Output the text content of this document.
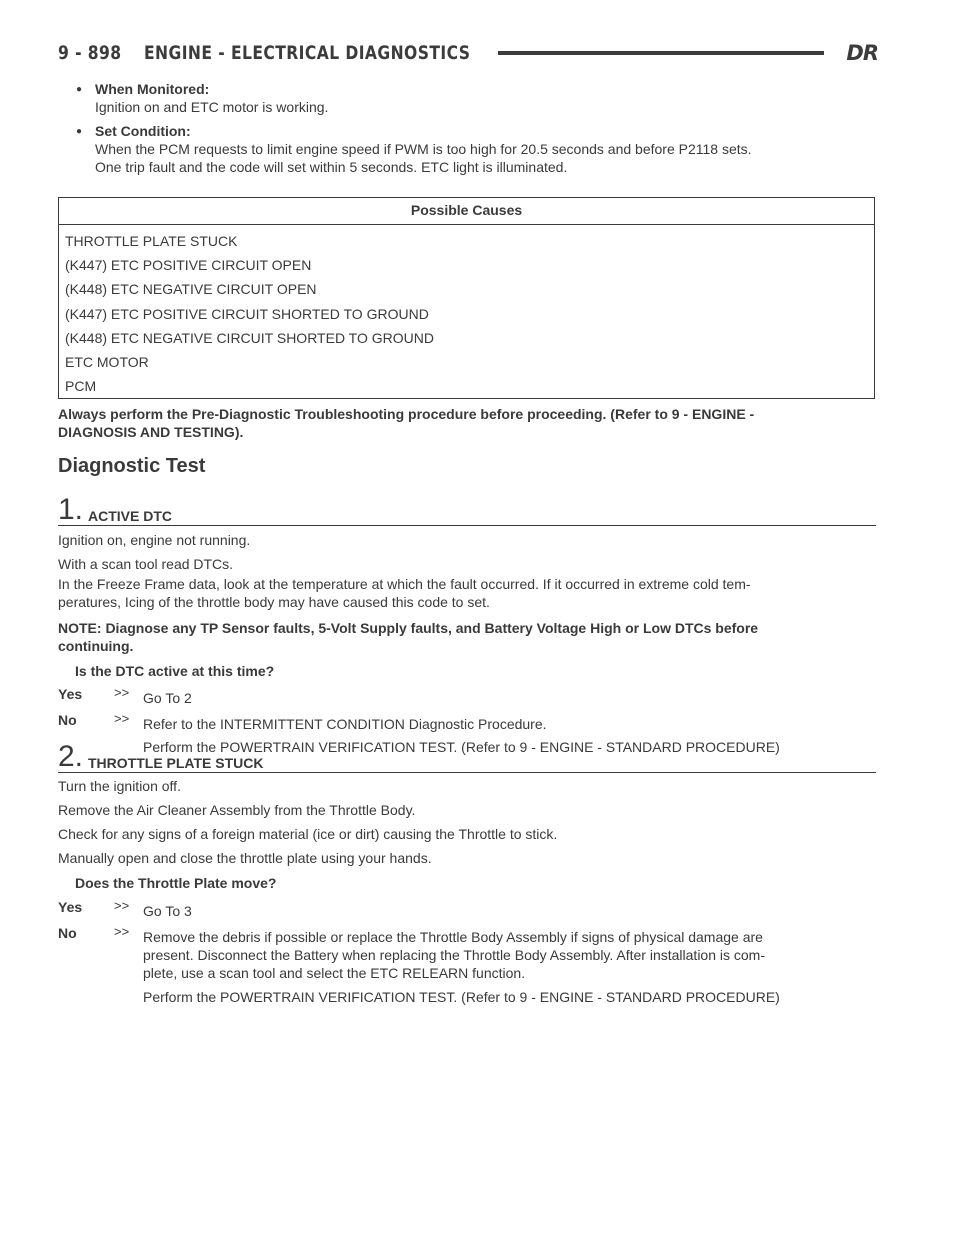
9 - 898	ENGINE - ELECTRICAL DIAGNOSTICS	DR
● When Monitored:
Ignition on and ETC motor is working.
● Set Condition:
When the PCM requests to limit engine speed if PWM is too high for 20.5 seconds and before P2118 sets.
One trip fault and the code will set within 5 seconds. ETC light is illuminated.
Possible Causes
THROTTLE PLATE STUCK
(K447) ETC POSITIVE CIRCUIT OPEN
(K448) ETC NEGATIVE CIRCUIT OPEN
(K447) ETC POSITIVE CIRCUIT SHORTED TO GROUND
(K448) ETC NEGATIVE CIRCUIT SHORTED TO GROUND
ETC MOTOR
PCM
Always perform the Pre-Diagnostic Troubleshooting procedure before proceeding. (Refer to 9 - ENGINE -
DIAGNOSIS AND TESTING).
Diagnostic Test
1. ACTIVE DTC
Ignition on, engine not running.
With a scan tool read DTCs.
In the Freeze Frame data, look at the temperature at which the fault occurred. If it occurred in extreme cold tem-
peratures, Icing of the throttle body may have caused this code to set.
NOTE: Diagnose any TP Sensor faults, 5-Volt Supply faults, and Battery Voltage High or Low DTCs before
continuing.
Is the DTC active at this time?
Yes >> Go To 2
No	>> Refer to the INTERMITTENT CONDITION Diagnostic Procedure.
Perform the POWERTRAIN VERIFICATION TEST. (Refer to 9 - ENGINE - STANDARD PROCEDURE)
2. THROTTLE PLATE STUCK
Turn the ignition off.
Remove the Air Cleaner Assembly from the Throttle Body.
Check for any signs of a foreign material (ice or dirt) causing the Throttle to stick.
Manually open and close the throttle plate using your hands.
Does the Throttle Plate move?
Yes >> Go To 3
No	>> Remove the debris if possible or replace the Throttle Body Assembly if signs of physical damage are
present. Disconnect the Battery when replacing the Throttle Body Assembly. After installation is com-
plete, use a scan tool and select the ETC RELEARN function.
Perform the POWERTRAIN VERIFICATION TEST. (Refer to 9 - ENGINE - STANDARD PROCEDURE)
